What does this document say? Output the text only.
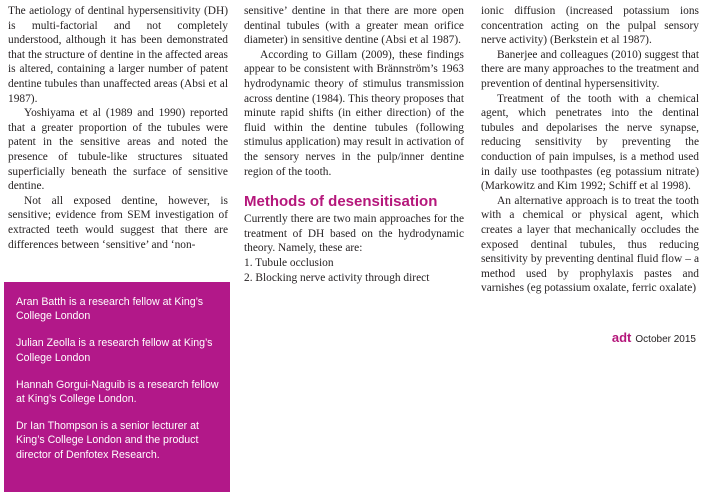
The aetiology of dentinal hypersensitivity (DH) is multi-factorial and not completely understood, although it has been demonstrated that the structure of dentine in the affected areas is altered, containing a larger number of patent dentine tubules than unaffected areas (Absi et al 1987).

Yoshiyama et al (1989 and 1990) reported that a greater proportion of the tubules were patent in the sensitive areas and noted the presence of tubule-like structures situated superficially beneath the surface of sensitive dentine.

Not all exposed dentine, however, is sensitive; evidence from SEM investigation of extracted teeth would suggest that there are differences between ‘sensitive’ and ‘non-

Aran Batth is a research fellow at King’s College London

Julian Zeolla is a research fellow at King’s College London

Hannah Gorgui-Naguib is a research fellow at King’s College London.

Dr Ian Thompson is a senior lecturer at King’s College London and the product director of Denfotex Research.

sensitive’ dentine in that there are more open dentinal tubules (with a greater mean orifice diameter) in sensitive dentine (Absi et al 1987).

According to Gillam (2009), these findings appear to be consistent with Brännström’s 1963 hydrodynamic theory of stimulus transmission across dentine (1984). This theory proposes that minute rapid shifts (in either direction) of the fluid within the dentine tubules (following stimulus application) may result in activation of the sensory nerves in the pulp/inner dentine region of the tooth.

Methods of desensitisation

Currently there are two main approaches for the treatment of DH based on the hydrodynamic theory. Namely, these are:

1. Tubule occlusion
2. Blocking nerve activity through direct

ionic diffusion (increased potassium ions concentration acting on the pulpal sensory nerve activity) (Berkstein et al 1987).

Banerjee and colleagues (2010) suggest that there are many approaches to the treatment and prevention of dentinal hypersensitivity.

Treatment of the tooth with a chemical agent, which penetrates into the dentinal tubules and depolarises the nerve synapse, reducing sensitivity by preventing the conduction of pain impulses, is a method used in daily use toothpastes (eg potassium nitrate) (Markowitz and Kim 1992; Schiff et al 1998).

An alternative approach is to treat the tooth with a chemical or physical agent, which creates a layer that mechanically occludes the exposed dentinal tubules, thus reducing sensitivity by preventing dentinal fluid flow – a method used by prophylaxis pastes and varnishes (eg potassium oxalate, ferric oxalate)

adt October 2015
